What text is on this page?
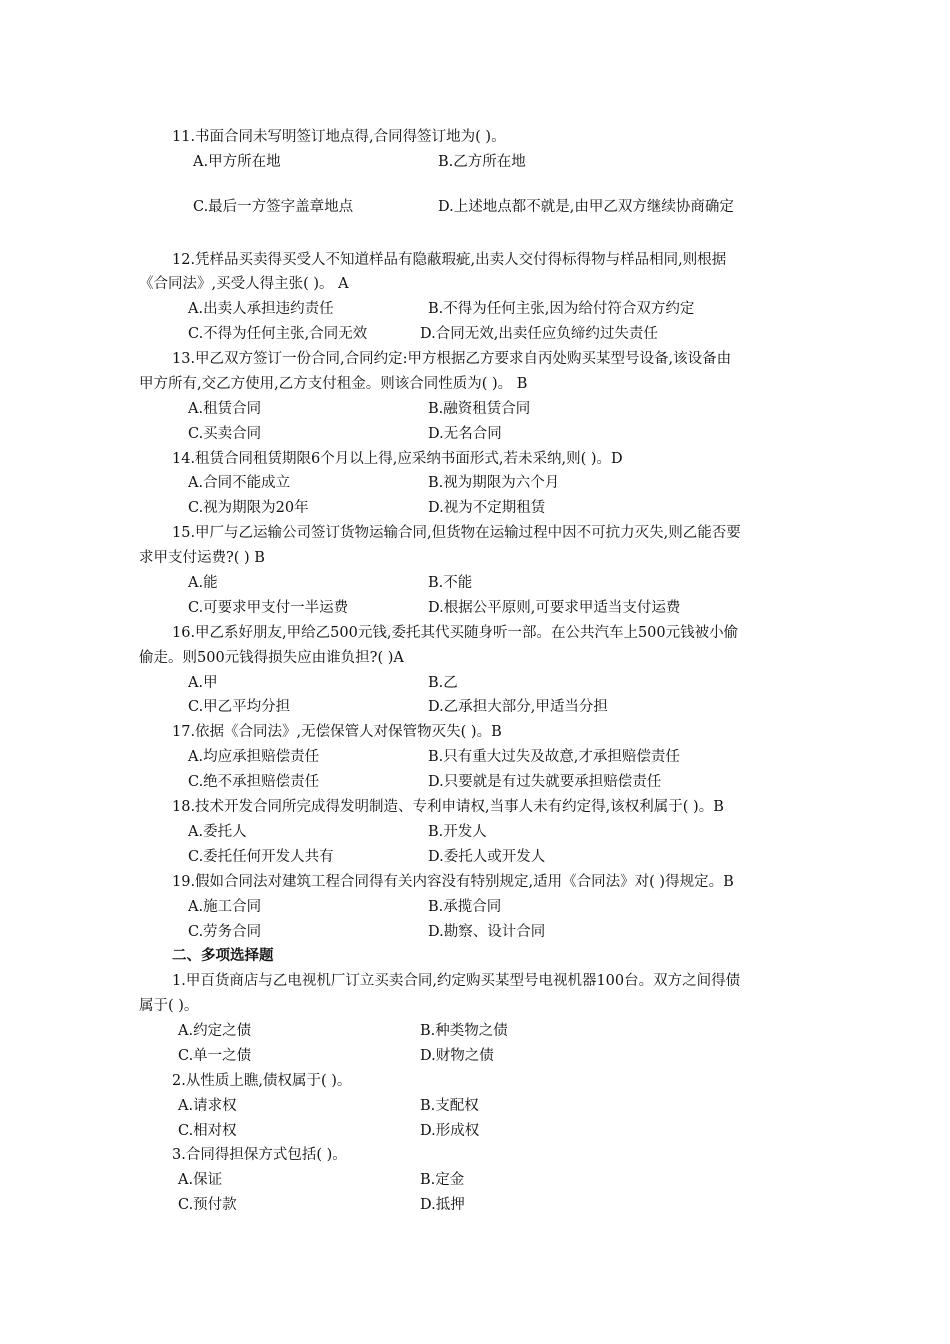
11.书面合同未写明签订地点得,合同得签订地为( )。
A.甲方所在地	B.乙方所在地
C.最后一方签字盖章地点	D.上述地点都不就是,由甲乙双方继续协商确定
12.凭样品买卖得买受人不知道样品有隐蔽瑕疵,出卖人交付得标得物与样品相同,则根据
《合同法》,买受人得主张( )。 A
A.出卖人承担违约责任	B.不得为任何主张,因为给付符合双方约定
C.不得为任何主张,合同无效	D.合同无效,出卖任应负缔约过失责任
13.甲乙双方签订一份合同,合同约定:甲方根据乙方要求自丙处购买某型号设备,该设备由
甲方所有,交乙方使用,乙方支付租金。则该合同性质为( )。 B
A.租赁合同	B.融资租赁合同
C.买卖合同	D.无名合同
14.租赁合同租赁期限6个月以上得,应采纳书面形式,若未采纳,则( )。D
A.合同不能成立	B.视为期限为六个月
C.视为期限为20年	D.视为不定期租赁
15.甲厂与乙运输公司签订货物运输合同,但货物在运输过程中因不可抗力灭失,则乙能否要
求甲支付运费?( ) B
A.能	B.不能
C.可要求甲支付一半运费	D.根据公平原则,可要求甲适当支付运费
16.甲乙系好朋友,甲给乙500元钱,委托其代买随身听一部。在公共汽车上500元钱被小偷
偷走。则500元钱得损失应由谁负担?( )A
A.甲	B.乙
C.甲乙平均分担	D.乙承担大部分,甲适当分担
17.依据《合同法》,无偿保管人对保管物灭失( )。B
A.均应承担赔偿责任	B.只有重大过失及故意,才承担赔偿责任
C.绝不承担赔偿责任	D.只要就是有过失就要承担赔偿责任
18.技术开发合同所完成得发明制造、专利申请权,当事人未有约定得,该权利属于( )。B
A.委托人	B.开发人
C.委托任何开发人共有	D.委托人或开发人
19.假如合同法对建筑工程合同得有关内容没有特别规定,适用《合同法》对( )得规定。B
A.施工合同	B.承揽合同
C.劳务合同	D.勘察、设计合同
二、多项选择题
1.甲百货商店与乙电视机厂订立买卖合同,约定购买某型号电视机器100台。双方之间得债
属于( )。
A.约定之债	B.种类物之债
C.单一之债	D.财物之债
2.从性质上瞧,债权属于( )。
A.请求权	B.支配权
C.相对权	D.形成权
3.合同得担保方式包括( )。
A.保证	B.定金
C.预付款	D.抵押
